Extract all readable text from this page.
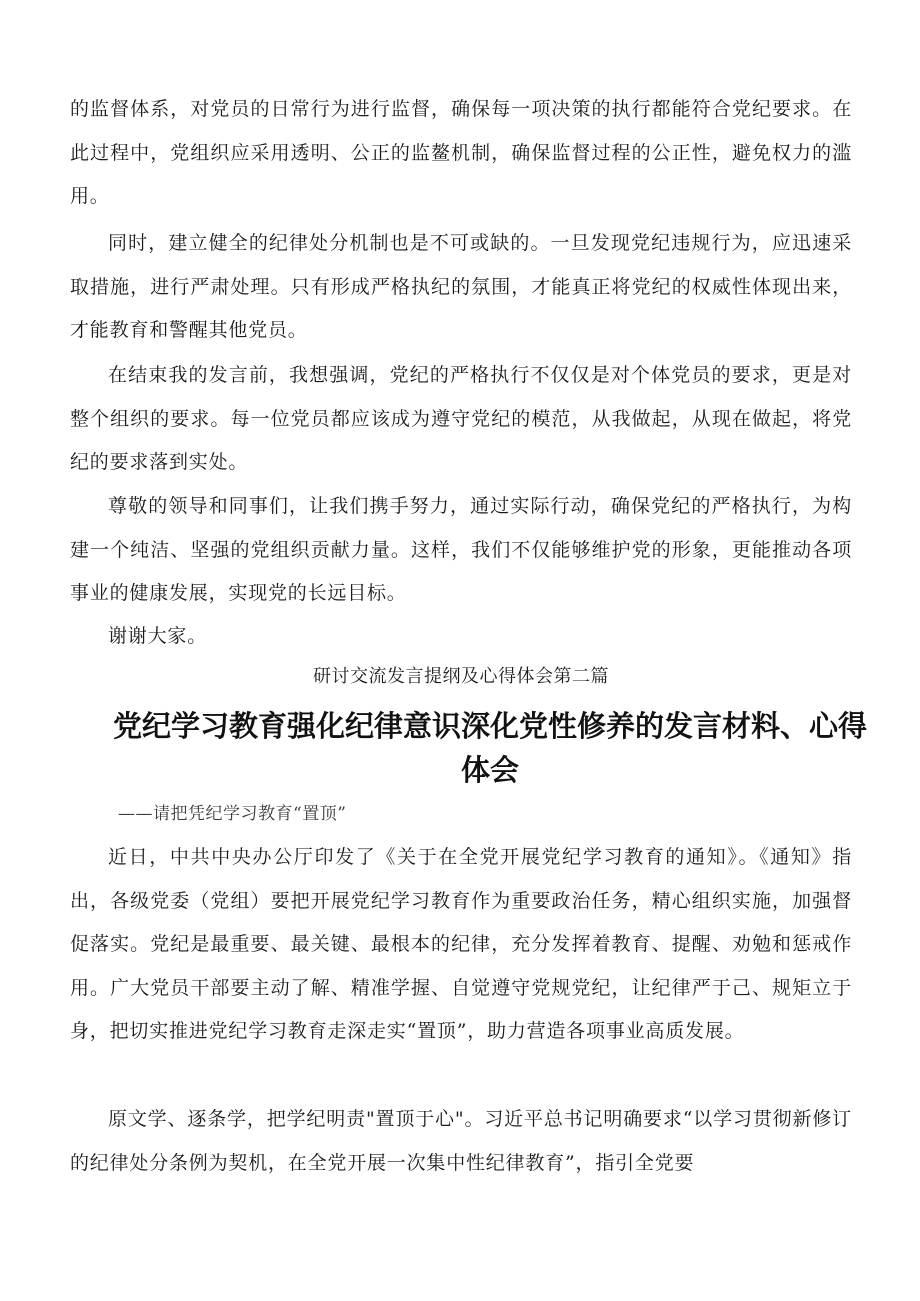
的监督体系，对党员的日常行为进行监督，确保每一项决策的执行都能符合党纪要求。在此过程中，党组织应采用透明、公正的监鳌机制，确保监督过程的公正性，避免权力的滥用。

同时，建立健全的纪律处分机制也是不可或缺的。一旦发现党纪违规行为，应迅速采取措施，进行严肃处理。只有形成严格执纪的氛围，才能真正将党纪的权威性体现出来，才能教育和警醒其他党员。

在结束我的发言前，我想强调，党纪的严格执行不仅仅是对个体党员的要求，更是对整个组织的要求。每一位党员都应该成为遵守党纪的模范，从我做起，从现在做起，将党纪的要求落到实处。

尊敬的领导和同事们，让我们携手努力，通过实际行动，确保党纪的严格执行，为构建一个纯洁、坚强的党组织贡献力量。这样，我们不仅能够维护党的形象，更能推动各项事业的健康发展，实现党的长远目标。

谢谢大家。

研讨交流发言提纲及心得体会第二篇

党纪学习教育强化纪律意识深化党性修养的发言材料、心得体会

——请把凭纪学习教育“置顶”

近日，中共中央办公厅印发了《关于在全党开展党纪学习教育的通知》。《通知》指出，各级党委（党组）要把开展党纪学习教育作为重要政治任务，精心组织实施，加强督促落实。党纪是最重要、最关键、最根本的纪律，充分发挥着教育、提醒、劝勉和惩戒作用。广大党员干部要主动了解、精准学握、自觉遵守党规党纪，让纪律严于己、规矩立于身，把切实推进党纪学习教育走深走实“置顶”，助力营造各项事业高质发展。

原文学、逐条学，把学纪明责"置顶于心"。习近平总书记明确要求“以学习贯彻新修订的纪律处分条例为契机，在全党开展一次集中性纪律教育”，指引全党要
